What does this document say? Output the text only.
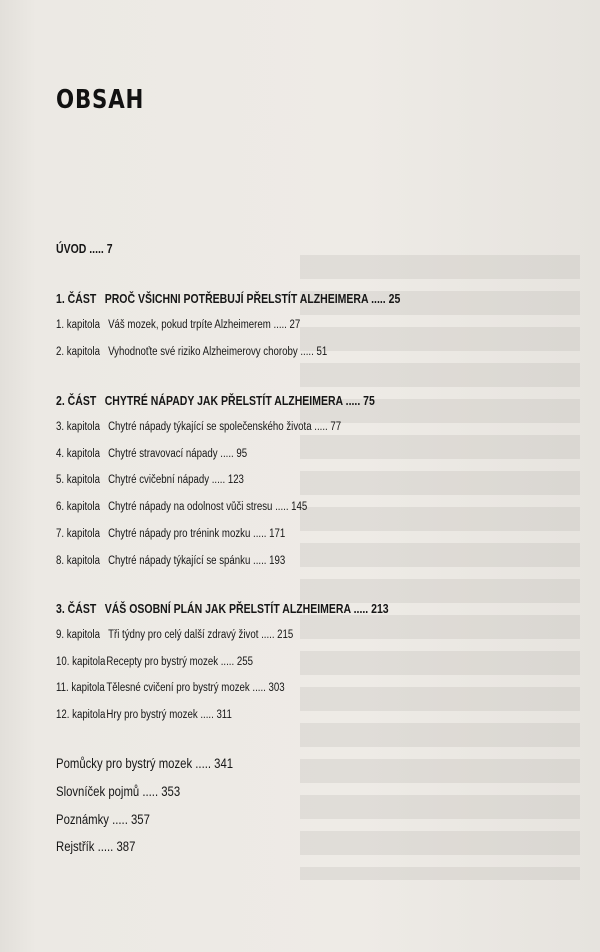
OBSAH
ÚVOD ..... 7
1. ČÁST PROČ VŠICHNI POTŘEBUJÍ PŘELSTÍT ALZHEIMERA ..... 25
1. kapitola Váš mozek, pokud trpíte Alzheimerem ..... 27
2. kapitola Vyhodnoťte své riziko Alzheimerovy choroby ..... 51
2. ČÁST CHYTRÉ NÁPADY JAK PŘELSTÍT ALZHEIMERA ..... 75
3. kapitola Chytré nápady týkající se společenského života ..... 77
4. kapitola Chytré stravovací nápady ..... 95
5. kapitola Chytré cvičební nápady ..... 123
6. kapitola Chytré nápady na odolnost vůči stresu ..... 145
7. kapitola Chytré nápady pro trénink mozku ..... 171
8. kapitola Chytré nápady týkající se spánku ..... 193
3. ČÁST VÁŠ OSOBNÍ PLÁN JAK PŘELSTÍT ALZHEIMERA ..... 213
9. kapitola Tři týdny pro celý další zdravý život ..... 215
10. kapitolaRecepty pro bystrý mozek ..... 255
11. kapitola Tělesné cvičení pro bystrý mozek ..... 303
12. kapitolaHry pro bystrý mozek ..... 311
Pomůcky pro bystrý mozek ..... 341
Slovníček pojmů ..... 353
Poznámky ..... 357
Rejstřík ..... 387
